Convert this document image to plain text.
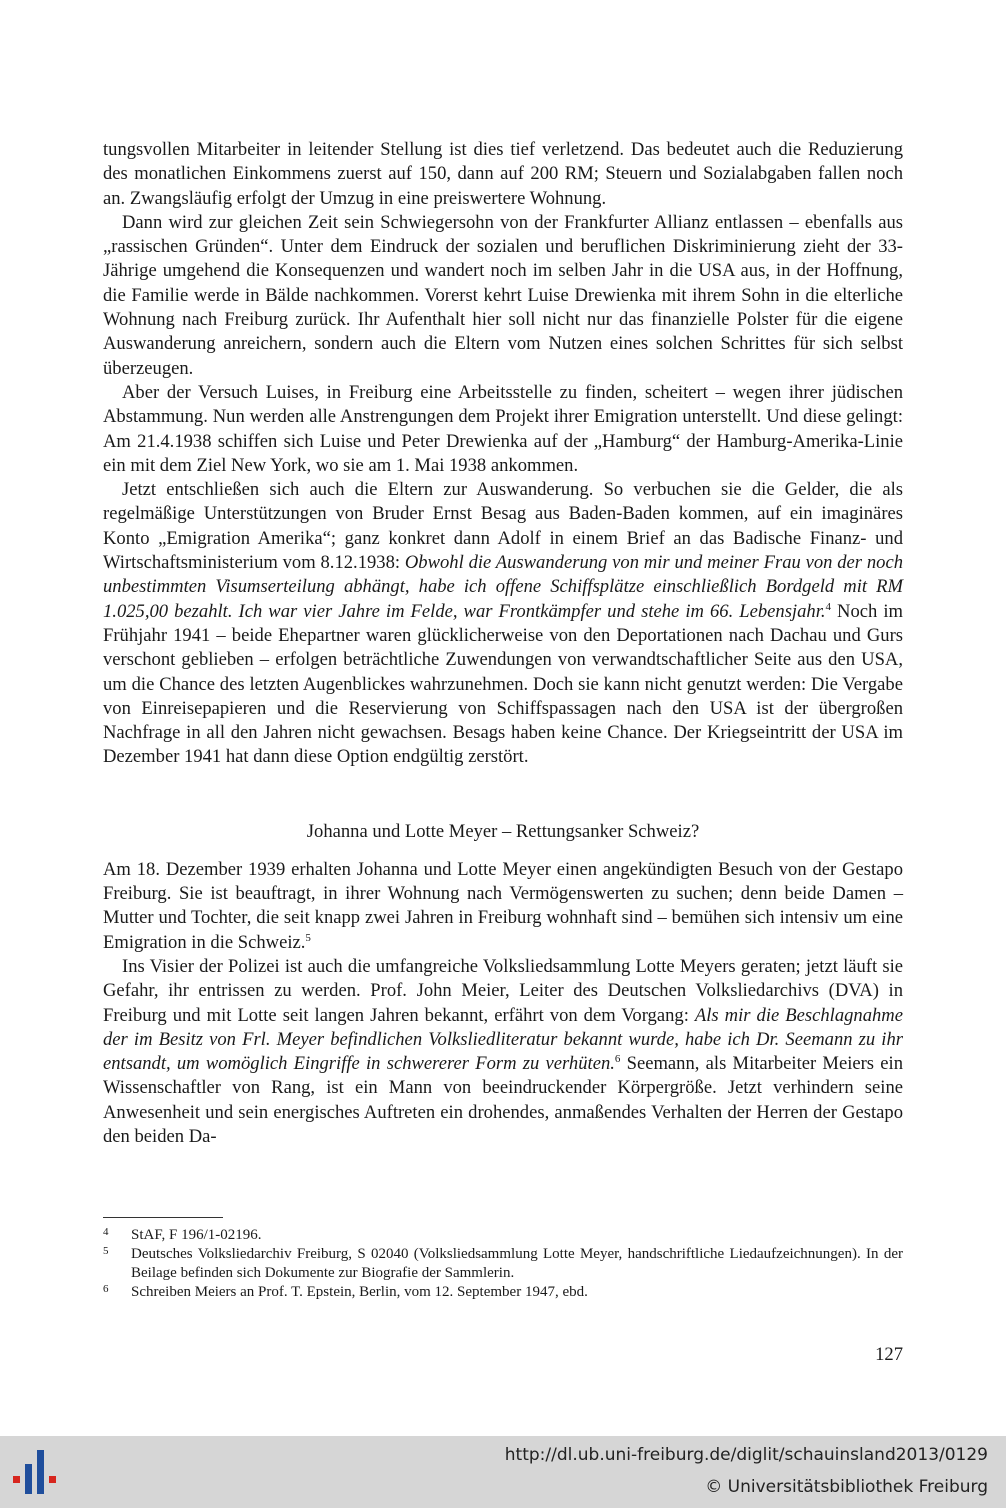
tungsvollen Mitarbeiter in leitender Stellung ist dies tief verletzend. Das bedeutet auch die Reduzierung des monatlichen Einkommens zuerst auf 150, dann auf 200 RM; Steuern und Sozialabgaben fallen noch an. Zwangsläufig erfolgt der Umzug in eine preiswertere Wohnung.

Dann wird zur gleichen Zeit sein Schwiegersohn von der Frankfurter Allianz entlassen – ebenfalls aus „rassischen Gründen“. Unter dem Eindruck der sozialen und beruflichen Diskriminierung zieht der 33-Jährige umgehend die Konsequenzen und wandert noch im selben Jahr in die USA aus, in der Hoffnung, die Familie werde in Bälde nachkommen. Vorerst kehrt Luise Drewienka mit ihrem Sohn in die elterliche Wohnung nach Freiburg zurück. Ihr Aufenthalt hier soll nicht nur das finanzielle Polster für die eigene Auswanderung anreichern, sondern auch die Eltern vom Nutzen eines solchen Schrittes für sich selbst überzeugen.

Aber der Versuch Luises, in Freiburg eine Arbeitsstelle zu finden, scheitert – wegen ihrer jüdischen Abstammung. Nun werden alle Anstrengungen dem Projekt ihrer Emigration unterstellt. Und diese gelingt: Am 21.4.1938 schiffen sich Luise und Peter Drewienka auf der „Hamburg“ der Hamburg-Amerika-Linie ein mit dem Ziel New York, wo sie am 1. Mai 1938 ankommen.

Jetzt entschließen sich auch die Eltern zur Auswanderung. So verbuchen sie die Gelder, die als regelmäßige Unterstützungen von Bruder Ernst Besag aus Baden-Baden kommen, auf ein imaginäres Konto „Emigration Amerika“; ganz konkret dann Adolf in einem Brief an das Badische Finanz- und Wirtschaftsministerium vom 8.12.1938: Obwohl die Auswanderung von mir und meiner Frau von der noch unbestimmten Visumserteilung abhängt, habe ich offene Schiffsplätze einschließlich Bordgeld mit RM 1.025,00 bezahlt. Ich war vier Jahre im Felde, war Frontkämpfer und stehe im 66. Lebensjahr.$^4$ Noch im Frühjahr 1941 – beide Ehepartner waren glücklicherweise von den Deportationen nach Dachau und Gurs verschont geblieben – erfolgen beträchtliche Zuwendungen von verwandtschaftlicher Seite aus den USA, um die Chance des letzten Augenblickes wahrzunehmen. Doch sie kann nicht genutzt werden: Die Vergabe von Einreisepapieren und die Reservierung von Schiffspassagen nach den USA ist der übergroßen Nachfrage in all den Jahren nicht gewachsen. Besags haben keine Chance. Der Kriegseintritt der USA im Dezember 1941 hat dann diese Option endgültig zerstört.

Johanna und Lotte Meyer – Rettungsanker Schweiz?

Am 18. Dezember 1939 erhalten Johanna und Lotte Meyer einen angekündigten Besuch von der Gestapo Freiburg. Sie ist beauftragt, in ihrer Wohnung nach Vermögenswerten zu suchen; denn beide Damen – Mutter und Tochter, die seit knapp zwei Jahren in Freiburg wohnhaft sind – bemühen sich intensiv um eine Emigration in die Schweiz.$^5$

Ins Visier der Polizei ist auch die umfangreiche Volksliedsammlung Lotte Meyers geraten; jetzt läuft sie Gefahr, ihr entrissen zu werden. Prof. John Meier, Leiter des Deutschen Volksliedarchivs (DVA) in Freiburg und mit Lotte seit langen Jahren bekannt, erfährt von dem Vorgang: Als mir die Beschlagnahme der im Besitz von Frl. Meyer befindlichen Volksliedliteratur bekannt wurde, habe ich Dr. Seemann zu ihr entsandt, um womöglich Eingriffe in schwererer Form zu verhüten.$^6$ Seemann, als Mitarbeiter Meiers ein Wissenschaftler von Rang, ist ein Mann von beeindruckender Körpergröße. Jetzt verhindern seine Anwesenheit und sein energisches Auftreten ein drohendes, anmaßendes Verhalten der Herren der Gestapo den beiden Da-

4	StAF, F 196/1-02196.
5	Deutsches Volksliedarchiv Freiburg, S 02040 (Volksliedsammlung Lotte Meyer, handschriftliche Liedaufzeichnungen). In der Beilage befinden sich Dokumente zur Biografie der Sammlerin.
6	Schreiben Meiers an Prof. T. Epstein, Berlin, vom 12. September 1947, ebd.
127
http://dl.ub.uni-freiburg.de/diglit/schauinsland2013/0129
© Universitätsbibliothek Freiburg
